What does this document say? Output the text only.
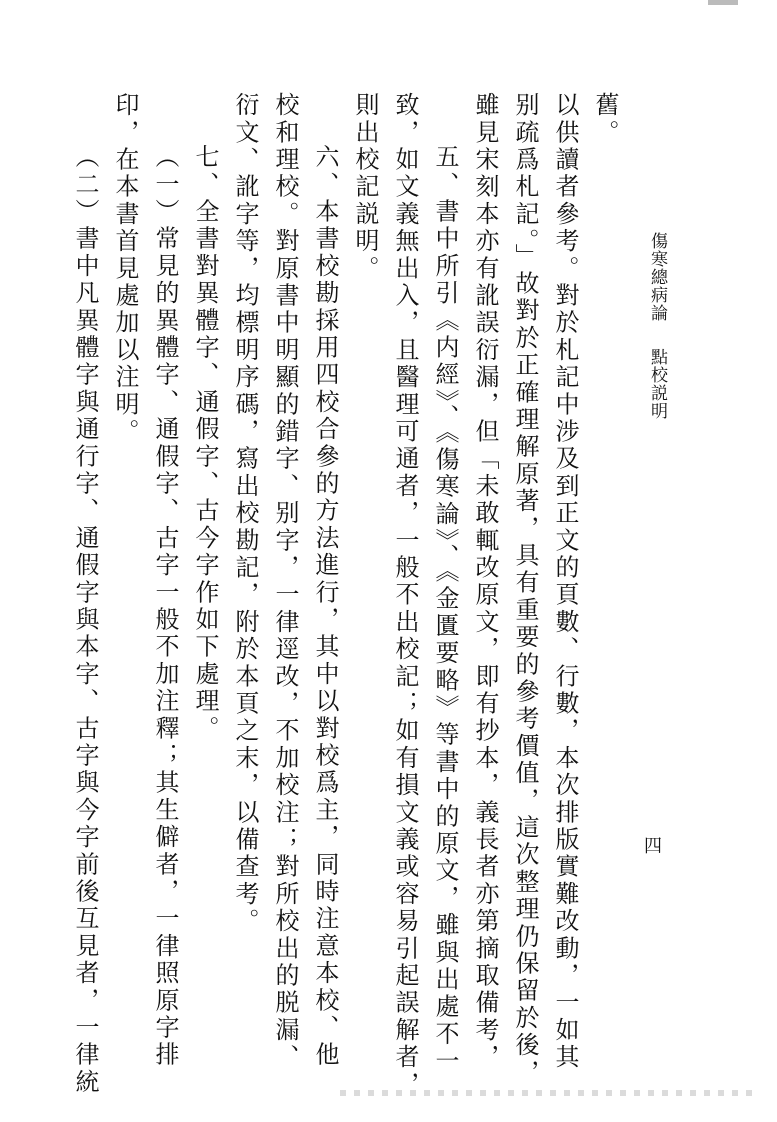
傷寒總病論點校説明
四
舊。
以供讀者參考。對於札記中涉及到正文的頁數、行數，本次排版實難改動，一如其
别疏爲札記。」故對於正確理解原著，具有重要的參考價值，這次整理仍保留於後，
雖見宋刻本亦有訛誤衍漏，但「未敢輒改原文，即有抄本，義長者亦第摘取備考，
五、書中所引《内經》、《傷寒論》、《金匱要略》等書中的原文，雖與出處不一
致，如文義無出入，且醫理可通者，一般不出校記；如有損文義或容易引起誤解者，
則出校記説明。
六、本書校勘採用四校合參的方法進行，其中以對校爲主，同時注意本校、他
校和理校。對原書中明顯的錯字、别字，一律逕改，不加校注；對所校出的脱漏、
衍文、訛字等，均標明序碼，寫出校勘記，附於本頁之末，以備查考。
七、全書對異體字、通假字、古今字作如下處理。
（一）常見的異體字、通假字、古字一般不加注釋；其生僻者，一律照原字排
印，在本書首見處加以注明。
（二）書中凡異體字與通行字、通假字與本字、古字與今字前後互見者，一律統
